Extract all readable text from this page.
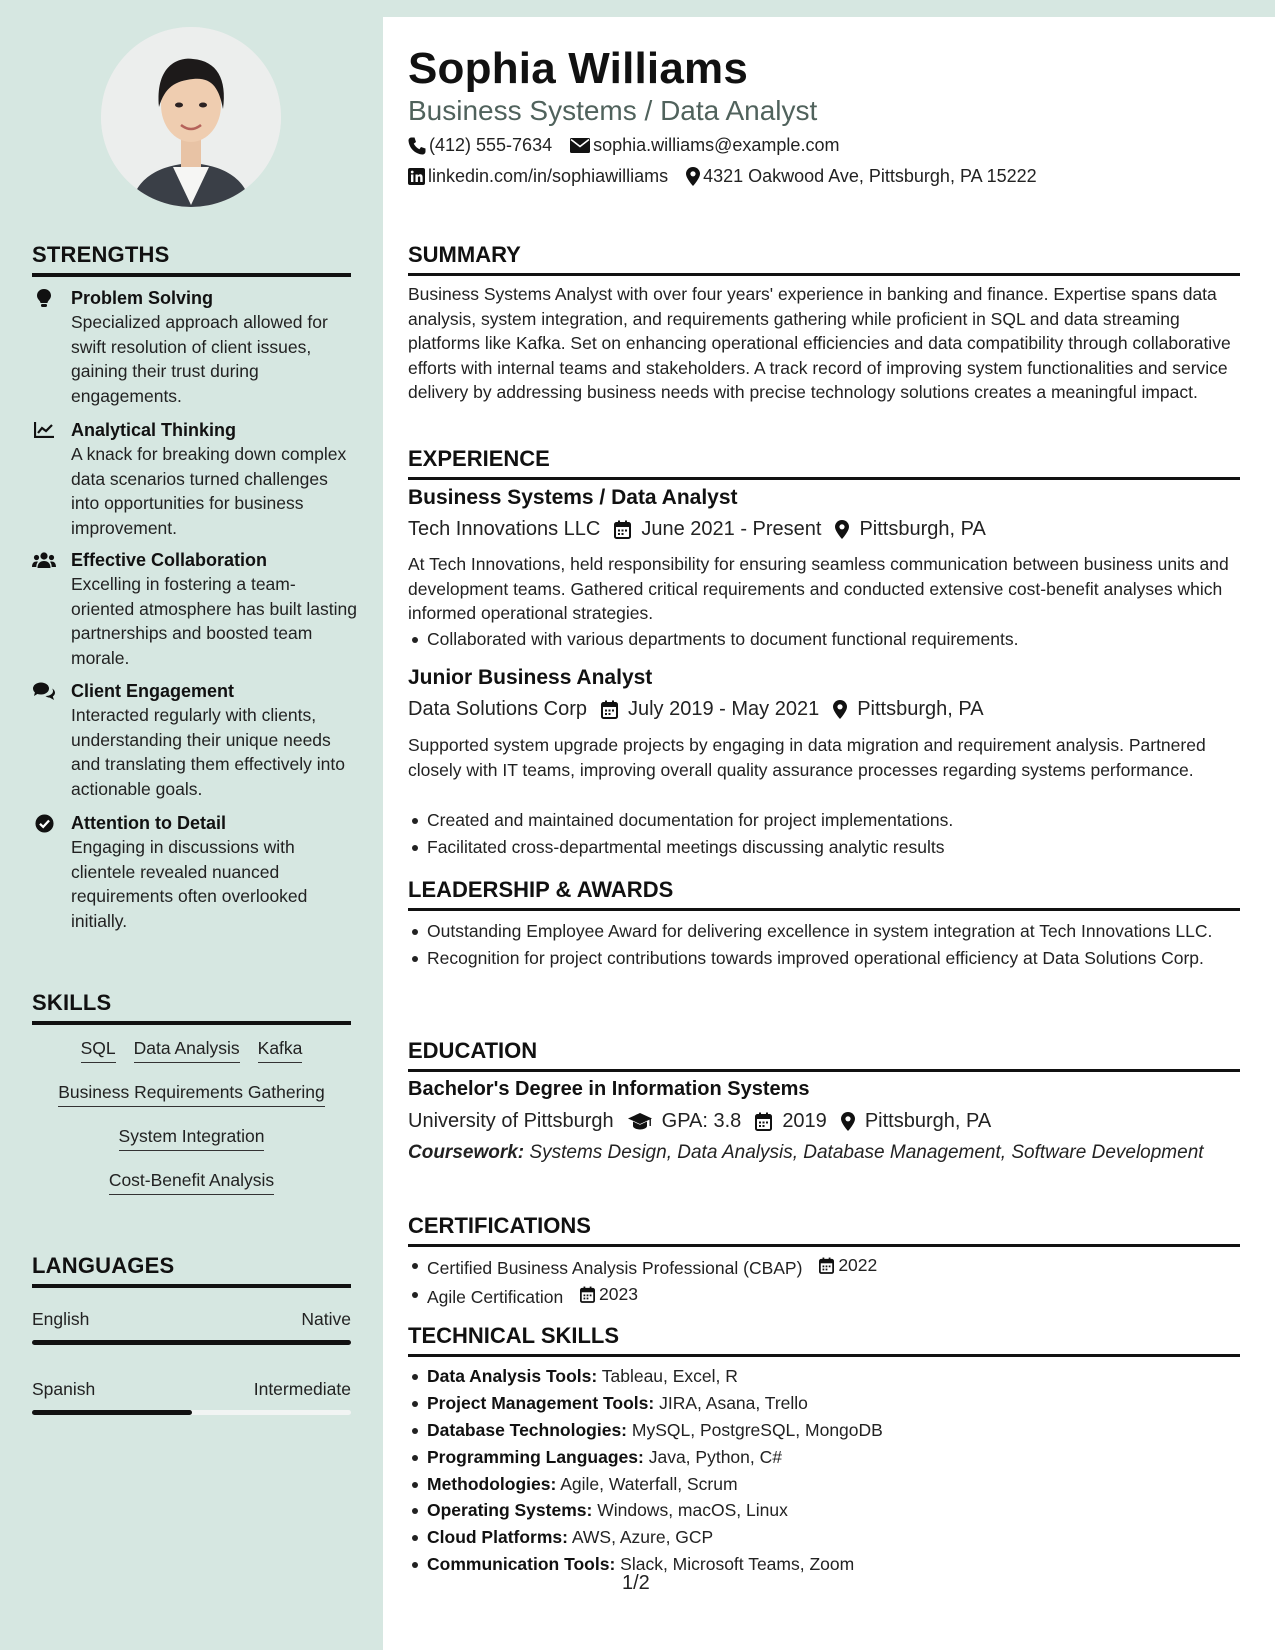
STRENGTHS
Problem Solving
Specialized approach allowed for swift resolution of client issues, gaining their trust during engagements.
Analytical Thinking
A knack for breaking down complex data scenarios turned challenges into opportunities for business improvement.
Effective Collaboration
Excelling in fostering a team-oriented atmosphere has built lasting partnerships and boosted team morale.
Client Engagement
Interacted regularly with clients, understanding their unique needs and translating them effectively into actionable goals.
Attention to Detail
Engaging in discussions with clientele revealed nuanced requirements often overlooked initially.
SKILLS
SQL Data Analysis Kafka
Business Requirements Gathering
System Integration
Cost-Benefit Analysis
LANGUAGES
English	Native
Spanish	Intermediate
Sophia Williams
Business Systems / Data Analyst
(412) 555-7634 sophia.williams@example.com
linkedin.com/in/sophiawilliams 4321 Oakwood Ave, Pittsburgh, PA 15222
SUMMARY
Business Systems Analyst with over four years' experience in banking and finance. Expertise spans data analysis, system integration, and requirements gathering while proficient in SQL and data streaming platforms like Kafka. Set on enhancing operational efficiencies and data compatibility through collaborative efforts with internal teams and stakeholders. A track record of improving system functionalities and service delivery by addressing business needs with precise technology solutions creates a meaningful impact.
EXPERIENCE
Business Systems / Data Analyst
Tech Innovations LLC June 2021 - Present Pittsburgh, PA
At Tech Innovations, held responsibility for ensuring seamless communication between business units and development teams. Gathered critical requirements and conducted extensive cost-benefit analyses which informed operational strategies.
Collaborated with various departments to document functional requirements.
Junior Business Analyst
Data Solutions Corp July 2019 - May 2021 Pittsburgh, PA
Supported system upgrade projects by engaging in data migration and requirement analysis. Partnered closely with IT teams, improving overall quality assurance processes regarding systems performance.
Created and maintained documentation for project implementations.
Facilitated cross-departmental meetings discussing analytic results
LEADERSHIP & AWARDS
Outstanding Employee Award for delivering excellence in system integration at Tech Innovations LLC.
Recognition for project contributions towards improved operational efficiency at Data Solutions Corp.
EDUCATION
Bachelor's Degree in Information Systems
University of Pittsburgh GPA: 3.8 2019 Pittsburgh, PA
Coursework: Systems Design, Data Analysis, Database Management, Software Development
CERTIFICATIONS
Certified Business Analysis Professional (CBAP) 2022
Agile Certification 2023
TECHNICAL SKILLS
Data Analysis Tools: Tableau, Excel, R
Project Management Tools: JIRA, Asana, Trello
Database Technologies: MySQL, PostgreSQL, MongoDB
Programming Languages: Java, Python, C#
Methodologies: Agile, Waterfall, Scrum
Operating Systems: Windows, macOS, Linux
Cloud Platforms: AWS, Azure, GCP
Communication Tools: Slack, Microsoft Teams, Zoom
1/2
